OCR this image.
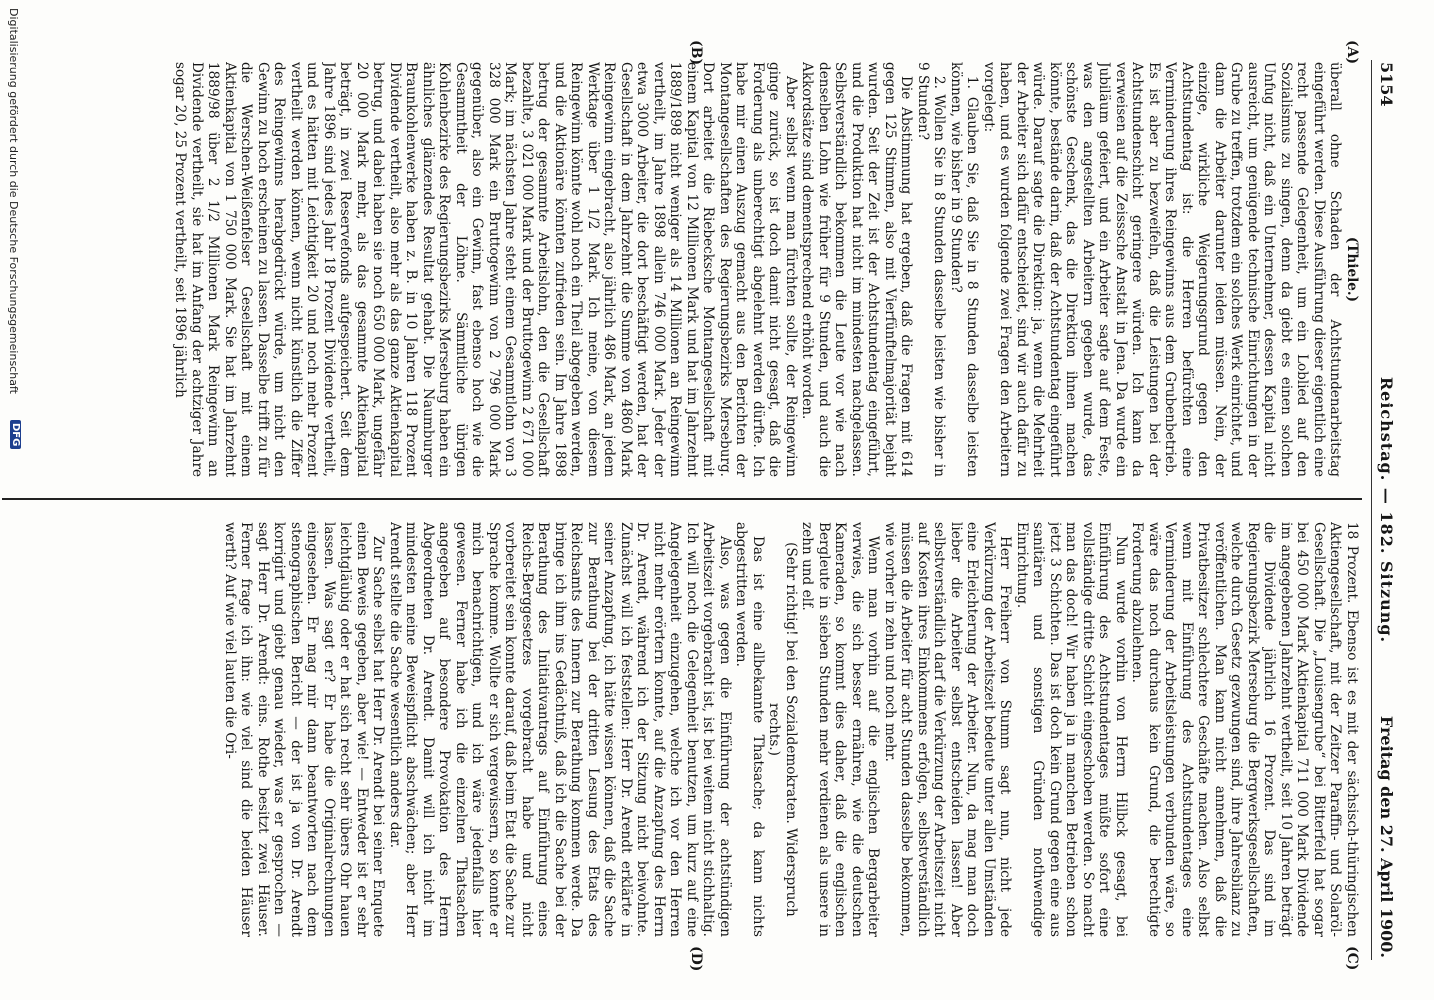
5154
Reichstag. — 182. Sitzung.
Freitag den 27. April 1900.
(A)
(B)
(C)
(D)

(Thiele.)

überall ohne Schaden der Achtstundenarbeitstag eingeführt werden. Diese Ausführung dieser eigentlich eine recht passende Gelegenheit, um ein Loblied auf den Sozialismus zu singen, denn da giebt es einen solchen Unfug nicht, daß ein Unternehmer, dessen Kapital nicht ausreicht, um genügende technische Einrichtungen in der Grube zu treffen, trotzdem ein solches Werk einrichtet, und dann die Arbeiter darunter leiden müssen. Nein, der einzige, wirkliche Weigerungsgrund gegen den Achtstundentag ist: die Herren befürchten eine Verminderung ihres Reingewinns aus dem Grubenbetrieb. Es ist aber zu bezweifeln, daß die Leistungen bei der Achtstundenschicht geringere würden. Ich kann da verweisen auf die Zeisssche Anstalt in Jena. Da wurde ein Jubiläum gefeiert, und ein Arbeiter sagte auf dem Feste, was den angestellten Arbeitern gegeben wurde, das schönste Geschenk, das die Direktion ihnen machen könnte, bestände darin, daß der Achtstundentag eingeführt würde. Darauf sagte die Direktion: ja, wenn die Mehrheit der Arbeiter sich dafür entscheidet, sind wir auch dafür zu haben, und es wurden folgende zwei Fragen den Arbeitern vorgelegt:

1. Glauben Sie, daß Sie in 8 Stunden dasselbe leisten können, wie bisher in 9 Stunden?

2. Wollen Sie in 8 Stunden dasselbe leisten wie bisher in 9 Stunden?

Die Abstimmung hat ergeben, daß die Fragen mit 614 gegen 125 Stimmen, also mit Vierfünftelmajorität bejaht wurden. Seit der Zeit ist der Achtstundentag eingeführt, und die Produktion hat nicht im mindesten nachgelassen. Selbstverständlich bekommen die Leute vor wie nach denselben Lohn wie früher für 9 Stunden, und auch die Akkordsätze sind dementsprechend erhöht worden.

Aber selbst wenn man fürchten sollte, der Reingewinn ginge zurück, so ist doch damit nicht gesagt, daß die Forderung als unberechtigt abgelehnt werden dürfte. Ich habe mir einen Auszug gemacht aus den Berichten der Montangesellschaften des Regierungsbezirks Merseburg. Dort arbeitet die Riebecksche Montangesellschaft mit einem Kapital von 12 Millionen Mark und hat im Jahrzehnt 1889/1898 nicht weniger als 14 Millionen an Reingewinn vertheilt, im Jahre 1898 allein 746 000 Mark. Jeder der etwa 3000 Arbeiter, die dort beschäftigt werden, hat der Gesellschaft in dem Jahrzehnt die Summe von 4860 Mark Reingewinn eingebracht, also jährlich 486 Mark, an jedem Werktage über 1 1/2 Mark. Ich meine, von diesem Reingewinn könnte wohl noch ein Theil abgegeben werden, und die Aktionäre könnten zufrieden sein. Im Jahre 1898 betrug der gesammte Arbeitslohn, den die Gesellschaft bezahlte, 3 021 000 Mark und der Bruttogewinn 2 671 000 Mark; im nächsten Jahre steht einem Gesammtlohn von 3 328 000 Mark ein Bruttogewinn von 2 796 000 Mark gegenüber, also ein Gewinn, fast ebenso hoch wie die Gesammtheit der Löhne. Sämmtliche übrigen Kohlenbezirke des Regierungsbezirks Merseburg haben ein ähnliches glänzendes Resultat gehabt. Die Naumburger Braunkohlenwerke haben z. B. in 10 Jahren 118 Prozent Dividende vertheilt, also mehr als das ganze Aktienkapital betrug, und dabei haben sie noch 650 000 Mark, ungefähr 20 000 Mark mehr, als das gesammte Aktienkapital beträgt, in zwei Reservefonds aufgespeichert. Seit dem Jahre 1896 sind jedes Jahr 18 Prozent Dividende vertheilt, und es hätten mit Leichtigkeit 20 und noch mehr Prozent vertheilt werden können, wenn nicht künstlich die Ziffer des Reingewinns herabgedrückt würde, um nicht den Gewinn zu hoch erscheinen zu lassen. Dasselbe trifft zu für die Werschen-Weißenfelser Gesellschaft mit einem Aktienkapital von 1 750 000 Mark. Sie hat im Jahrzehnt 1889/98 über 2 1/2 Millionen Mark Reingewinn an Dividende vertheilt, sie hat im Anfang der achtziger Jahre sogar 20, 25 Prozent vertheilt, seit 1896 jährlich

18 Prozent. Ebenso ist es mit der sächsisch-thüringischen Aktiengesellschaft, mit der Zeitzer Paraffin- und Solaröl-Gesellschaft. Die „Louisengrube“ bei Bitterfeld hat sogar bei 450 000 Mark Aktienkapital 711 000 Mark Dividende im angegebenen Jahrzehnt vertheilt, seit 10 Jahren beträgt die Dividende jährlich 16 Prozent. Das sind im Regierungsbezirk Merseburg die Bergwerksgesellschaften, welche durch Gesetz gezwungen sind, ihre Jahresbilanz zu veröffentlichen. Man kann nicht annehmen, daß die Privatbesitzer schlechtere Geschäfte machen. Also selbst wenn mit Einführung des Achtstundentages eine Verminderung der Arbeitsleistungen verbunden wäre, so wäre das noch durchaus kein Grund, die berechtigte Forderung abzulehnen.

Nun wurde vorhin von Herrn Hilbck gesagt, bei Einführung des Achtstundentages müßte sofort eine vollständige dritte Schicht eingeschoben werden. So macht man das doch! Wir haben ja in manchen Betrieben schon jetzt 3 Schichten. Das ist doch kein Grund gegen eine aus sanitären und sonstigen Gründen nothwendige Einrichtung.

Herr Freiherr von Stumm sagt nun, nicht jede Verkürzung der Arbeitszeit bedeute unter allen Umständen eine Erleichterung der Arbeiter. Nun, da mag man doch lieber die Arbeiter selbst entscheiden lassen! Aber selbstverständlich darf die Verkürzung der Arbeitszeit nicht auf Kosten ihres Einkommens erfolgen, selbstverständlich müssen die Arbeiter für acht Stunden dasselbe bekommen, wie vorher in zehn und noch mehr.

Wenn man vorhin auf die englischen Bergarbeiter verwies, die sich besser ernähren, wie die deutschen Kameraden, so kommt dies daher, daß die englischen Bergleute in sieben Stunden mehr verdienen als unsere in zehn und elf.

(Sehr richtig! bei den Sozialdemokraten. Widerspruch rechts.)

Das ist eine allbekannte Thatsache; da kann nichts abgestritten werden.

Also, was gegen die Einführung der achtstündigen Arbeitszeit vorgebracht ist, ist bei weitem nicht stichhaltig. Ich will noch die Gelegenheit benutzen, um kurz auf eine Angelegenheit einzugehen, welche ich vor den Herren nicht mehr erörtern konnte, auf die Anzapfung des Herrn Dr. Arendt, während ich der Sitzung nicht beiwohnte. Zunächst will ich feststellen: Herr Dr. Arendt erklärte in seiner Anzapfung, ich hätte wissen können, daß die Sache zur Berathung bei der dritten Lesung des Etats des Reichsamts des Innern zur Berathung kommen werde. Da bringe ich ihm ins Gedächtniß, daß ich die Sache bei der Berathung des Initiativantrags auf Einführung eines Reichs-Berggesetzes vorgebracht habe und nicht vorbereitet sein konnte darauf, daß beim Etat die Sache zur Sprache komme. Wollte er sich vergewissern, so konnte er mich benachrichtigen, und ich wäre jedenfalls hier gewesen. Ferner habe ich die einzelnen Thatsachen angegeben auf besondere Provokation des Herrn Abgeordneten Dr. Arendt. Damit will ich nicht im mindesten meine Beweispflicht abschwächen; aber Herr Arendt stellte die Sache wesentlich anders dar.

Zur Sache selbst hat Herr Dr. Arendt bei seiner Enquete einen Beweis gegeben, aber wie! — Entweder ist er sehr leichtgläubig oder er hat sich recht sehr übers Ohr hauen lassen. Was sagt er? Er habe die Originalrechnungen eingesehen. Er mag mir dann beantworten nach dem stenographischen Bericht — der ist ja von Dr. Arendt korrigirt und giebt genau wieder, was er gesprochen — sagt Herr Dr. Arendt: eins. Rothe besitzt zwei Häuser. Ferner frage ich ihn: wie viel sind die beiden Häuser werth? Auf wie viel lauten die Ori-

Digitalisierung gefördert durch die Deutsche Forschungsgemeinschaft
DFG
